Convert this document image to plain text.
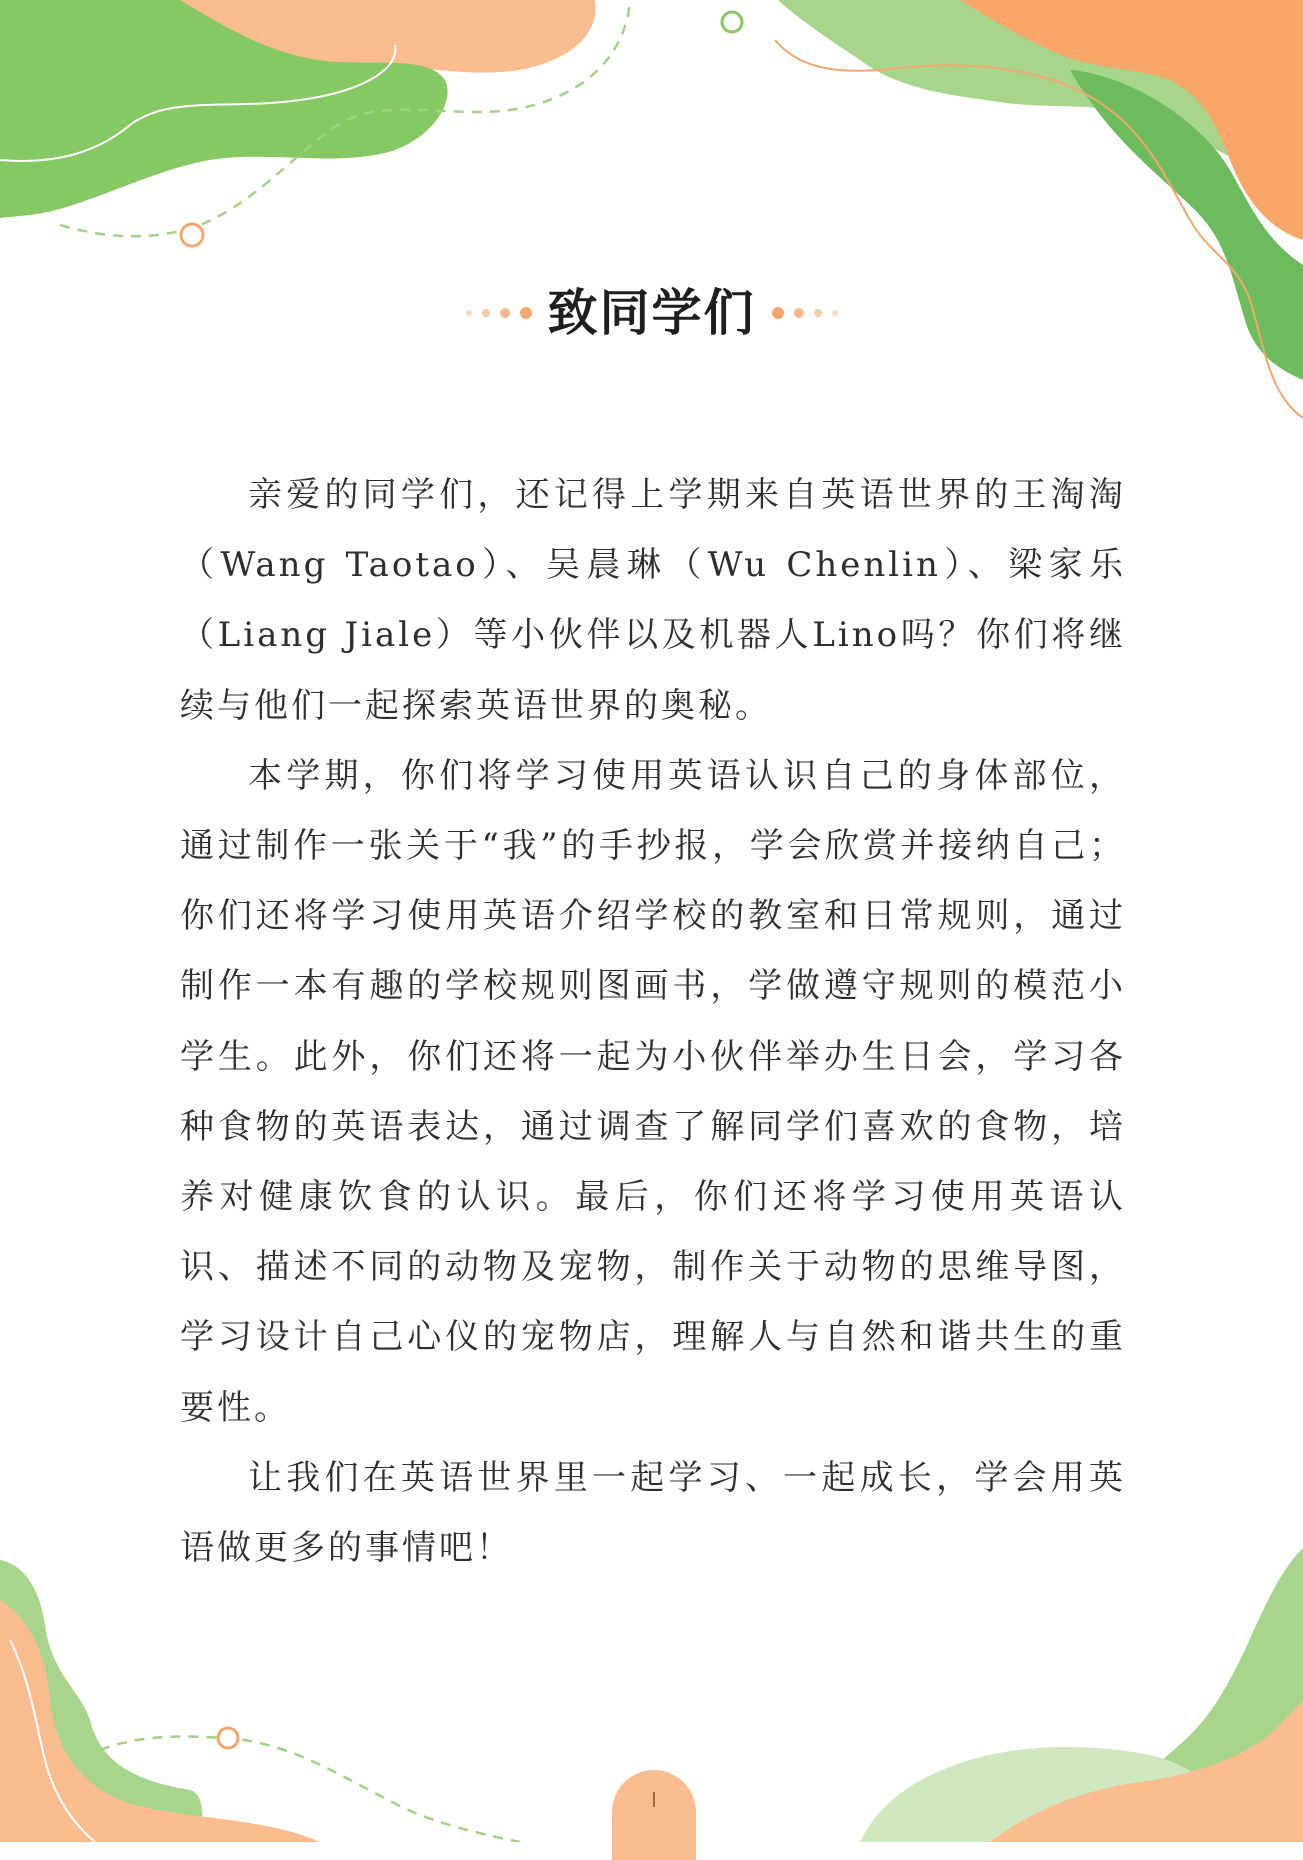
致同学们

亲爱的同学们，还记得上学期来自英语世界的王淘淘（Wang Taotao）、吴晨琳（Wu Chenlin）、梁家乐（Liang Jiale）等小伙伴以及机器人Lino吗？你们将继续与他们一起探索英语世界的奥秘。

本学期，你们将学习使用英语认识自己的身体部位，通过制作一张关于“我”的手抄报，学会欣赏并接纳自己；你们还将学习使用英语介绍学校的教室和日常规则，通过制作一本有趣的学校规则图画书，学做遵守规则的模范小学生。此外，你们还将一起为小伙伴举办生日会，学习各种食物的英语表达，通过调查了解同学们喜欢的食物，培养对健康饮食的认识。最后，你们还将学习使用英语认识、描述不同的动物及宠物，制作关于动物的思维导图，学习设计自己心仪的宠物店，理解人与自然和谐共生的重要性。

让我们在英语世界里一起学习、一起成长，学会用英语做更多的事情吧！

I
